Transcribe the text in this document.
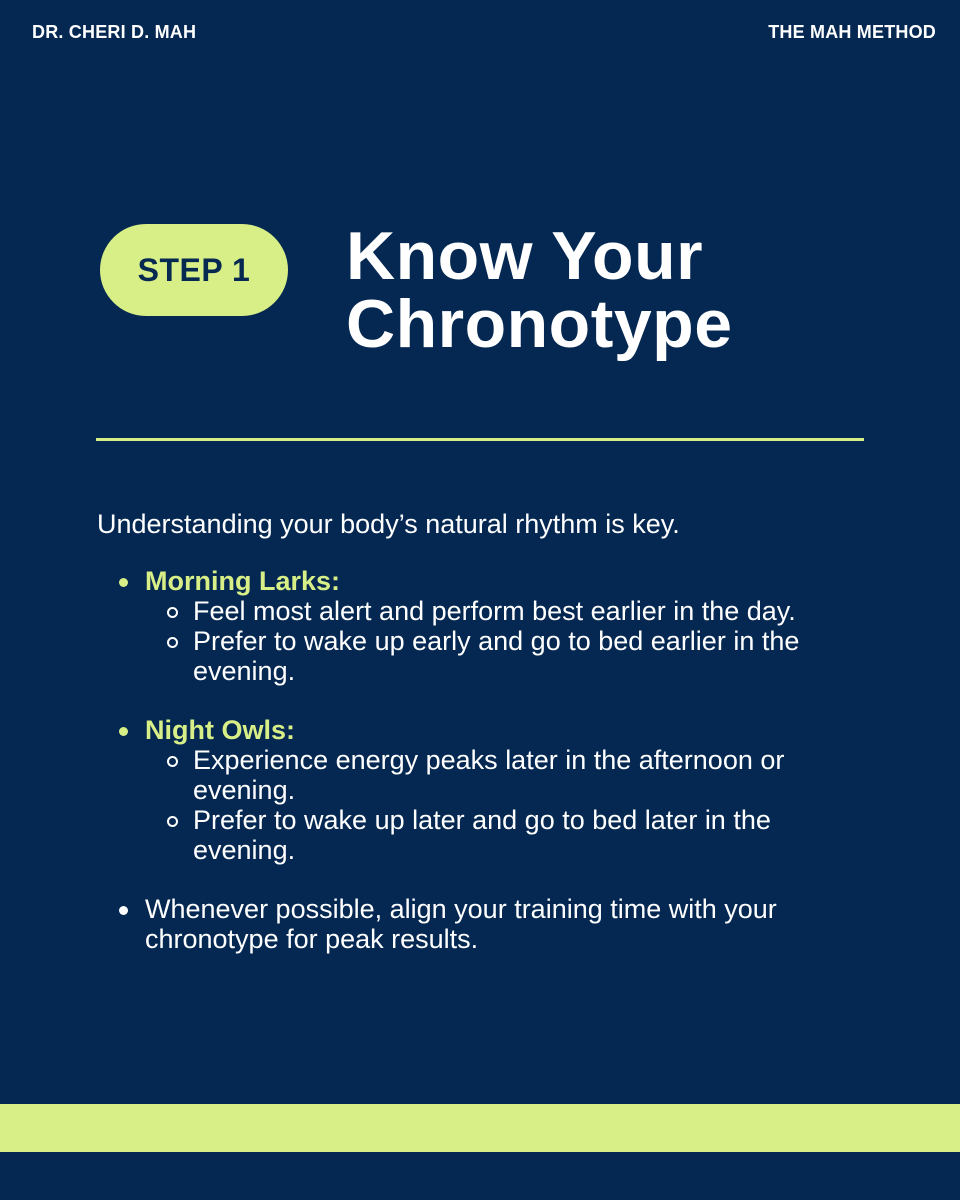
DR. CHERI D. MAH	THE MAH METHOD
STEP 1	Know Your
Chronotype
Understanding your body’s natural rhythm is key.
Morning Larks:
Feel most alert and perform best earlier in the day.
Prefer to wake up early and go to bed earlier in the evening.
Night Owls:
Experience energy peaks later in the afternoon or evening.
Prefer to wake up later and go to bed later in the evening.
Whenever possible, align your training time with your chronotype for peak results.
